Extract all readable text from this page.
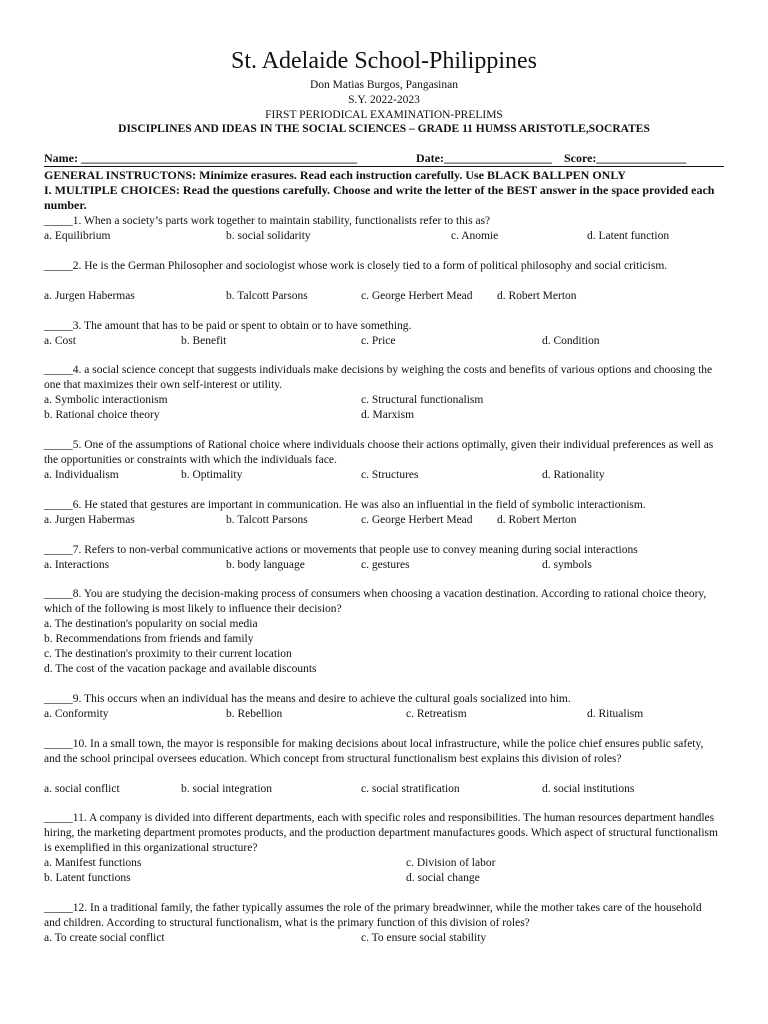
St. Adelaide School-Philippines
Don Matias Burgos, Pangasinan
S.Y. 2022-2023
FIRST PERIODICAL EXAMINATION-PRELIMS
DISCIPLINES AND IDEAS IN THE SOCIAL SCIENCES – GRADE 11 HUMSS ARISTOTLE,SOCRATES
Name: ______________________________________________	Date:__________________ Score:_______________
GENERAL INSTRUCTONS: Minimize erasures. Read each instruction carefully. Use BLACK BALLPEN ONLY
I. MULTIPLE CHOICES: Read the questions carefully. Choose and write the letter of the BEST answer in the space provided each number.
_____1. When a society’s parts work together to maintain stability, functionalists refer to this as?
a. Equilibrium	b. social solidarity	c. Anomie	d. Latent function
_____2. He is the German Philosopher and sociologist whose work is closely tied to a form of political philosophy and social criticism.
a. Jurgen Habermas	b. Talcott Parsons	c. George Herbert Mead d. Robert Merton
_____3. The amount that has to be paid or spent to obtain or to have something.
a. Cost	b. Benefit	c. Price	d. Condition
_____4. a social science concept that suggests individuals make decisions by weighing the costs and benefits of various options and choosing the one that maximizes their own self-interest or utility.
a. Symbolic interactionism	c. Structural functionalism
b. Rational choice theory	d. Marxism
_____5. One of the assumptions of Rational choice where individuals choose their actions optimally, given their individual preferences as well as the opportunities or constraints with which the individuals face.
a. Individualism	b. Optimality	c. Structures	d. Rationality
_____6. He stated that gestures are important in communication. He was also an influential in the field of symbolic interactionism.
a. Jurgen Habermas	b. Talcott Parsons	c. George Herbert Mead d. Robert Merton
_____7. Refers to non-verbal communicative actions or movements that people use to convey meaning during social interactions
a. Interactions	b. body language	c. gestures	d. symbols
_____8. You are studying the decision-making process of consumers when choosing a vacation destination. According to rational choice theory, which of the following is most likely to influence their decision?
a. The destination's popularity on social media
b. Recommendations from friends and family
c. The destination's proximity to their current location
d. The cost of the vacation package and available discounts
_____9. This occurs when an individual has the means and desire to achieve the cultural goals socialized into him.
a. Conformity	b. Rebellion	c. Retreatism	d. Ritualism
_____10. In a small town, the mayor is responsible for making decisions about local infrastructure, while the police chief ensures public safety, and the school principal oversees education. Which concept from structural functionalism best explains this division of roles?
a. social conflict	b. social integration	c. social stratification	d. social institutions
_____11. A company is divided into different departments, each with specific roles and responsibilities. The human resources department handles hiring, the marketing department promotes products, and the production department manufactures goods. Which aspect of structural functionalism is exemplified in this organizational structure?
a. Manifest functions	c. Division of labor
b. Latent functions	d. social change
_____12. In a traditional family, the father typically assumes the role of the primary breadwinner, while the mother takes care of the household and children. According to structural functionalism, what is the primary function of this division of roles?
a. To create social conflict	c. To ensure social stability
